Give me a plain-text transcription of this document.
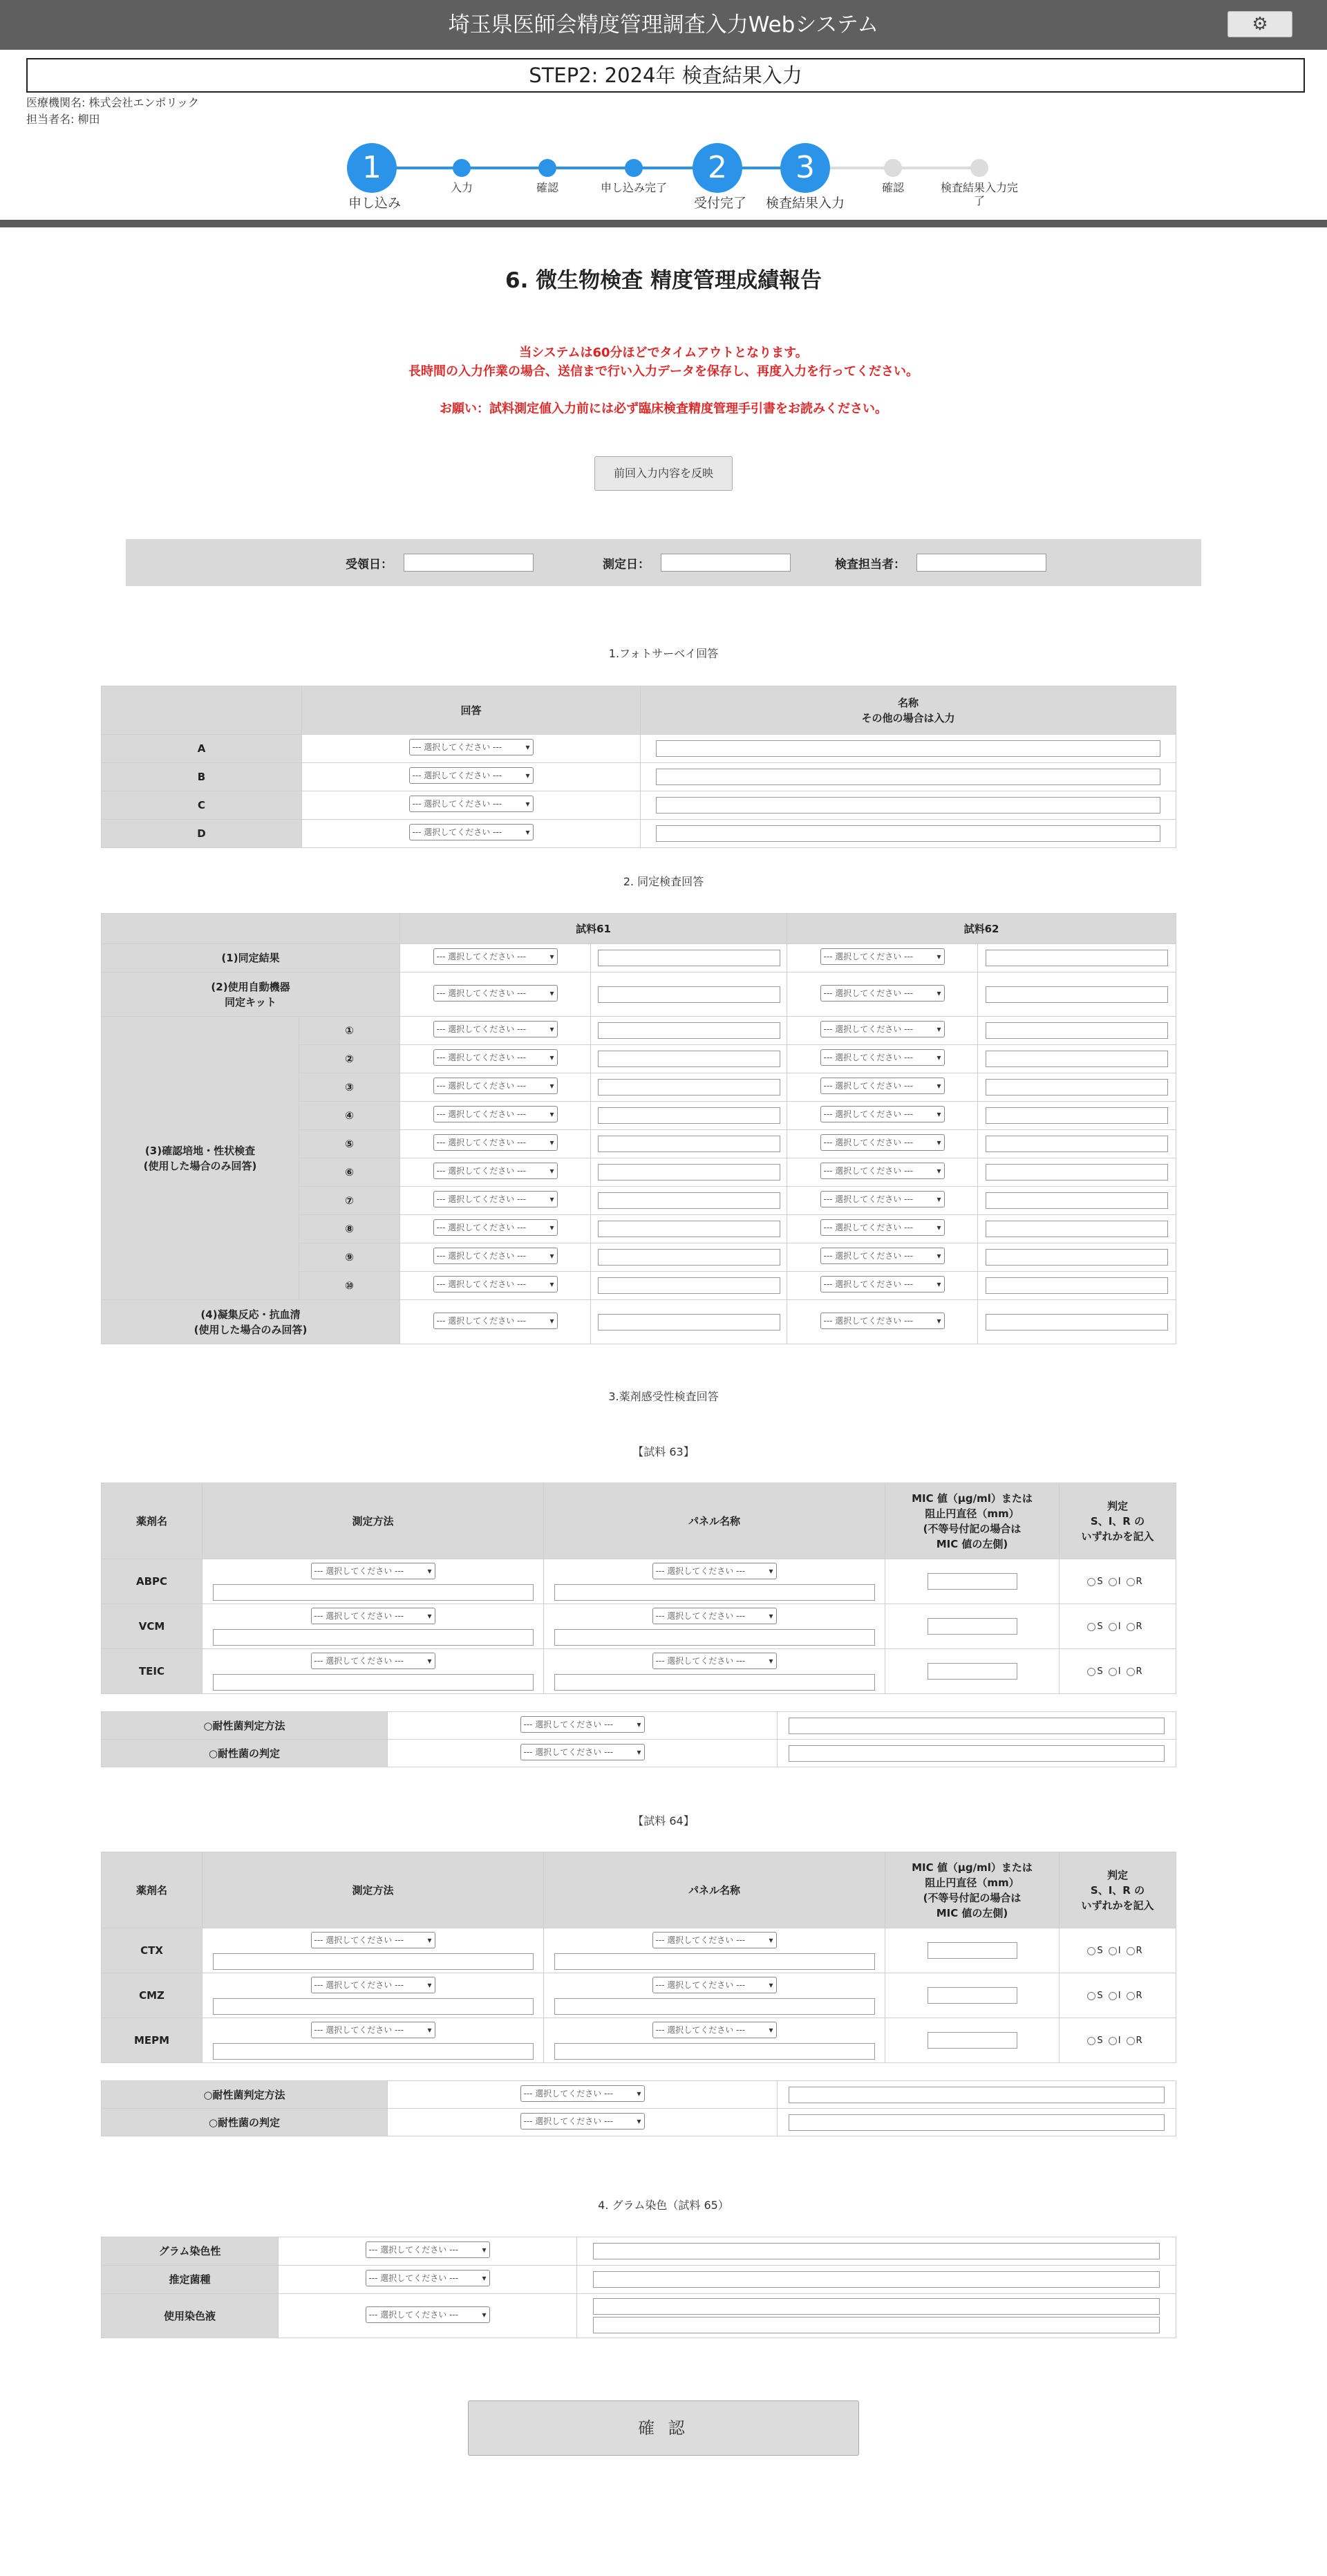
埼玉県医師会精度管理調査入力Webシステム	⚙
STEP2: 2024年 検査結果入力
医療機関名: 株式会社エンポリック
担当者名: 柳田
1	2	3
申し込み
入力	確認	申し込み完了
受付完了	検査結果入力
確認	検査結果入力完了
6. 微生物検査 精度管理成績報告
当システムは60分ほどでタイムアウトとなります。
長時間の入力作業の場合、送信まで行い入力データを保存し、再度入力を行ってください。
お願い：試料測定値入力前には必ず臨床検査精度管理手引書をお読みください。
前回入力内容を反映
受領日：	測定日：	検査担当者：
1.フォトサーベイ回答
	回答	名称
その他の場合は入力
A	--- 選択してください --- ▾	
B	--- 選択してください --- ▾	
C	--- 選択してください --- ▾	
D	--- 選択してください --- ▾	
2. 同定検査回答
		試料61		試料62	
(1)同定結果		--- 選択してください --- ▾		--- 選択してください --- ▾	
(2)使用自動機器
同定キット		--- 選択してください --- ▾		--- 選択してください --- ▾	
(3)確認培地・性状検査
(使用した場合のみ回答)	①	--- 選択してください --- ▾		--- 選択してください --- ▾	
	②	--- 選択してください --- ▾		--- 選択してください --- ▾	
	③	--- 選択してください --- ▾		--- 選択してください --- ▾	
	④	--- 選択してください --- ▾		--- 選択してください --- ▾	
	⑤	--- 選択してください --- ▾		--- 選択してください --- ▾	
	⑥	--- 選択してください --- ▾		--- 選択してください --- ▾	
	⑦	--- 選択してください --- ▾		--- 選択してください --- ▾	
	⑧	--- 選択してください --- ▾		--- 選択してください --- ▾	
	⑨	--- 選択してください --- ▾		--- 選択してください --- ▾	
	⑩	--- 選択してください --- ▾		--- 選択してください --- ▾	
(4)凝集反応・抗血清
(使用した場合のみ回答)		--- 選択してください --- ▾		--- 選択してください --- ▾	
3.薬剤感受性検査回答
【試料 63】
薬剤名	測定方法	パネル名称	MIC 値（μg/ml）または
阻止円直径（mm）
(不等号付記の場合は
MIC 値の左側)	判定
S、I、R の
いずれかを記入
ABPC	--- 選択してください --- ▾	--- 選択してください --- ▾		S I R
VCM	--- 選択してください --- ▾	--- 選択してください --- ▾		S I R
TEIC	--- 選択してください --- ▾	--- 選択してください --- ▾		S I R
○耐性菌判定方法	--- 選択してください --- ▾	
○耐性菌の判定	--- 選択してください --- ▾	
【試料 64】
薬剤名	測定方法	パネル名称	MIC 値（μg/ml）または
阻止円直径（mm）
(不等号付記の場合は
MIC 値の左側)	判定
S、I、R の
いずれかを記入
CTX	--- 選択してください --- ▾	--- 選択してください --- ▾		S I R
CMZ	--- 選択してください --- ▾	--- 選択してください --- ▾		S I R
MEPM	--- 選択してください --- ▾	--- 選択してください --- ▾		S I R
○耐性菌判定方法	--- 選択してください --- ▾	
○耐性菌の判定	--- 選択してください --- ▾	
4. グラム染色（試料 65）
グラム染色性	--- 選択してください --- ▾	
推定菌種	--- 選択してください --- ▾	
使用染色液	--- 選択してください --- ▾	

確 認
